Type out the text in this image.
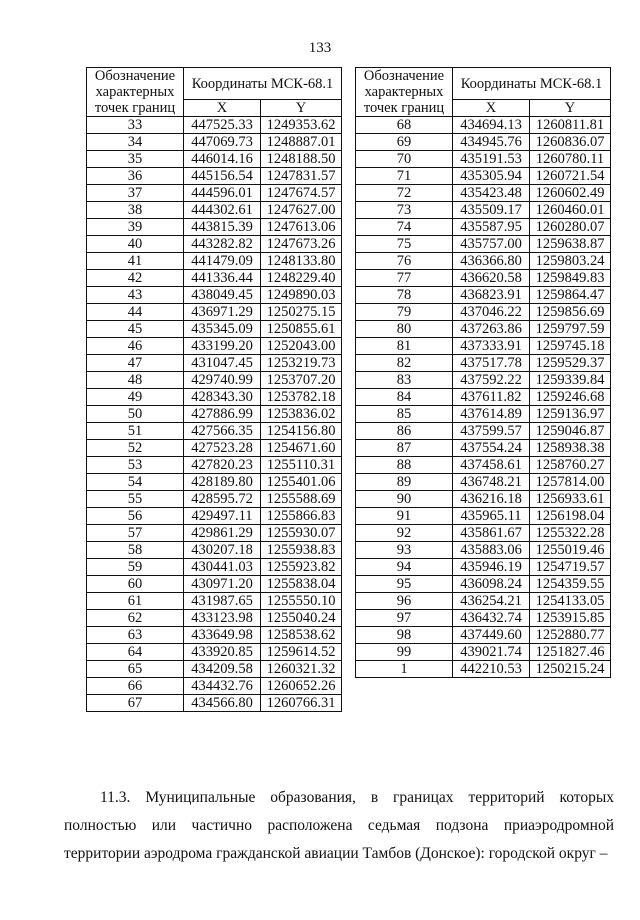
133
Обозначение характерных точек границ	Координаты МСК-68.1	

	X	Y
33	447525.33	1249353.62
34	447069.73	1248887.01
35	446014.16	1248188.50
36	445156.54	1247831.57
37	444596.01	1247674.57
38	444302.61	1247627.00
39	443815.39	1247613.06
40	443282.82	1247673.26
41	441479.09	1248133.80
42	441336.44	1248229.40
43	438049.45	1249890.03
44	436971.29	1250275.15
45	435345.09	1250855.61
46	433199.20	1252043.00
47	431047.45	1253219.73
48	429740.99	1253707.20
49	428343.30	1253782.18
50	427886.99	1253836.02
51	427566.35	1254156.80
52	427523.28	1254671.60
53	427820.23	1255110.31
54	428189.80	1255401.06
55	428595.72	1255588.69
56	429497.11	1255866.83
57	429861.29	1255930.07
58	430207.18	1255938.83
59	430441.03	1255923.82
60	430971.20	1255838.04
61	431987.65	1255550.10
62	433123.98	1255040.24
63	433649.98	1258538.62
64	433920.85	1259614.52
65	434209.58	1260321.32
66	434432.76	1260652.26
67	434566.80	1260766.31
Обозначение характерных точек границ	Координаты МСК-68.1	

	X	Y
68	434694.13	1260811.81
69	434945.76	1260836.07
70	435191.53	1260780.11
71	435305.94	1260721.54
72	435423.48	1260602.49
73	435509.17	1260460.01
74	435587.95	1260280.07
75	435757.00	1259638.87
76	436366.80	1259803.24
77	436620.58	1259849.83
78	436823.91	1259864.47
79	437046.22	1259856.69
80	437263.86	1259797.59
81	437333.91	1259745.18
82	437517.78	1259529.37
83	437592.22	1259339.84
84	437611.82	1259246.68
85	437614.89	1259136.97
86	437599.57	1259046.87
87	437554.24	1258938.38
88	437458.61	1258760.27
89	436748.21	1257814.00
90	436216.18	1256933.61
91	435965.11	1256198.04
92	435861.67	1255322.28
93	435883.06	1255019.46
94	435946.19	1254719.57
95	436098.24	1254359.55
96	436254.21	1254133.05
97	436432.74	1253915.85
98	437449.60	1252880.77
99	439021.74	1251827.46
1	442210.53	1250215.24

11.3. Муниципальные образования, в границах территорий которых полностью или частично расположена седьмая подзона приаэродромной территории аэродрома гражданской авиации Тамбов (Донское): городской округ –
